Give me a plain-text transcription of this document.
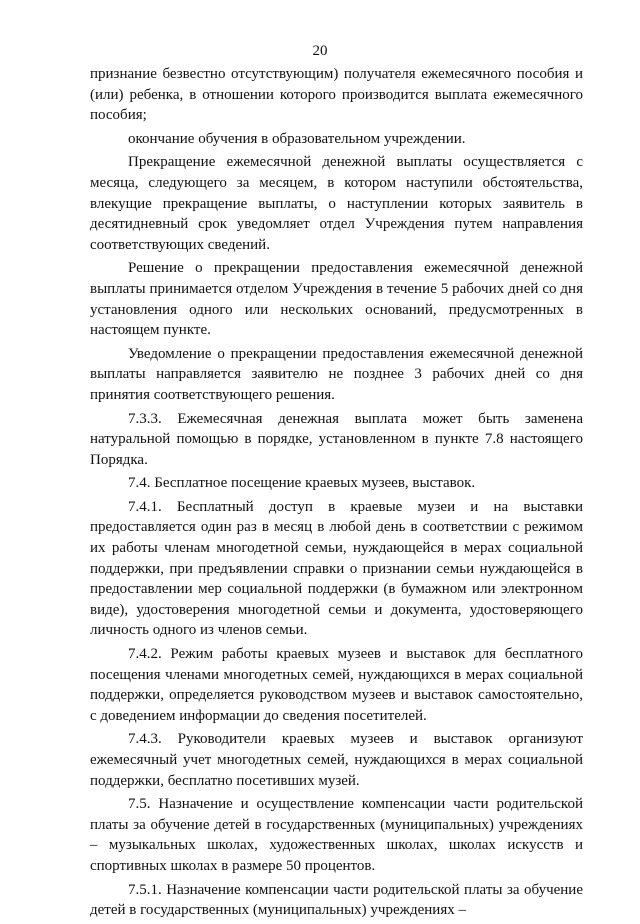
20

признание безвестно отсутствующим) получателя ежемесячного пособия и (или) ребенка, в отношении которого производится выплата ежемесячного пособия;

окончание обучения в образовательном учреждении.

Прекращение ежемесячной денежной выплаты осуществляется с месяца, следующего за месяцем, в котором наступили обстоятельства, влекущие прекращение выплаты, о наступлении которых заявитель в десятидневный срок уведомляет отдел Учреждения путем направления соответствующих сведений.

Решение о прекращении предоставления ежемесячной денежной выплаты принимается отделом Учреждения в течение 5 рабочих дней со дня установления одного или нескольких оснований, предусмотренных в настоящем пункте.

Уведомление о прекращении предоставления ежемесячной денежной выплаты направляется заявителю не позднее 3 рабочих дней со дня принятия соответствующего решения.

7.3.3. Ежемесячная денежная выплата может быть заменена натуральной помощью в порядке, установленном в пункте 7.8 настоящего Порядка.

7.4. Бесплатное посещение краевых музеев, выставок.

7.4.1. Бесплатный доступ в краевые музеи и на выставки предоставляется один раз в месяц в любой день в соответствии с режимом их работы членам многодетной семьи, нуждающейся в мерах социальной поддержки, при предъявлении справки о признании семьи нуждающейся в предоставлении мер социальной поддержки (в бумажном или электронном виде), удостоверения многодетной семьи и документа, удостоверяющего личность одного из членов семьи.

7.4.2. Режим работы краевых музеев и выставок для бесплатного посещения членами многодетных семей, нуждающихся в мерах социальной поддержки, определяется руководством музеев и выставок самостоятельно, с доведением информации до сведения посетителей.

7.4.3. Руководители краевых музеев и выставок организуют ежемесячный учет многодетных семей, нуждающихся в мерах социальной поддержки, бесплатно посетивших музей.

7.5. Назначение и осуществление компенсации части родительской платы за обучение детей в государственных (муниципальных) учреждениях – музыкальных школах, художественных школах, школах искусств и спортивных школах в размере 50 процентов.

7.5.1. Назначение компенсации части родительской платы за обучение детей в государственных (муниципальных) учреждениях –
